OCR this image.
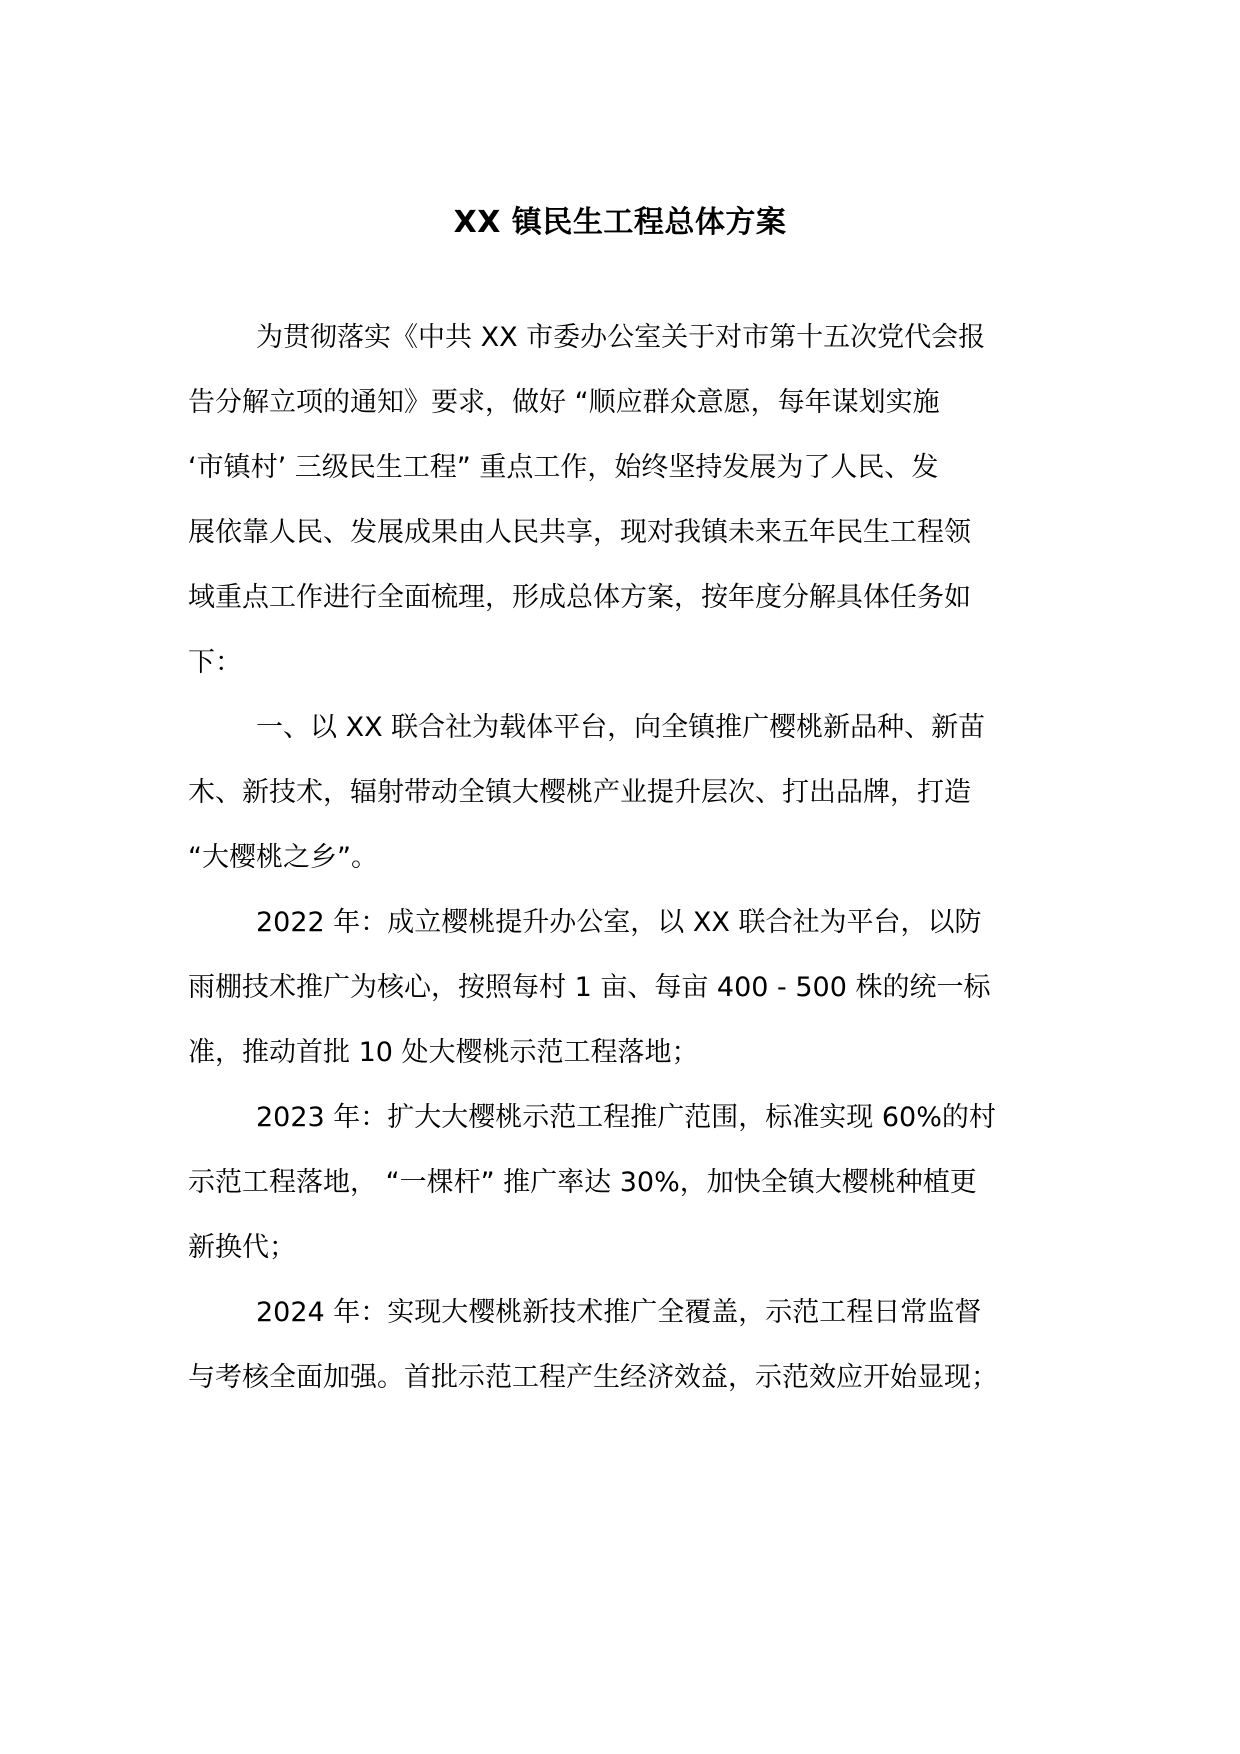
XX 镇民生工程总体方案
为贯彻落实《中共 XX 市委办公室关于对市第十五次党代会报
告分解立项的通知》要求，做好 “顺应群众意愿，每年谋划实施
‘市镇村’ 三级民生工程” 重点工作，始终坚持发展为了人民、发
展依靠人民、发展成果由人民共享，现对我镇未来五年民生工程领
域重点工作进行全面梳理，形成总体方案，按年度分解具体任务如
下：
一、以 XX 联合社为载体平台，向全镇推广樱桃新品种、新苗
木、新技术，辐射带动全镇大樱桃产业提升层次、打出品牌，打造
“大樱桃之乡”。
2022 年：成立樱桃提升办公室，以 XX 联合社为平台，以防
雨棚技术推广为核心，按照每村 1 亩、每亩 400 - 500 株的统一标
准，推动首批 10 处大樱桃示范工程落地；
2023 年：扩大大樱桃示范工程推广范围，标准实现 60%的村
示范工程落地， “一棵杆” 推广率达 30%，加快全镇大樱桃种植更
新换代；
2024 年：实现大樱桃新技术推广全覆盖，示范工程日常监督
与考核全面加强。首批示范工程产生经济效益，示范效应开始显现；
